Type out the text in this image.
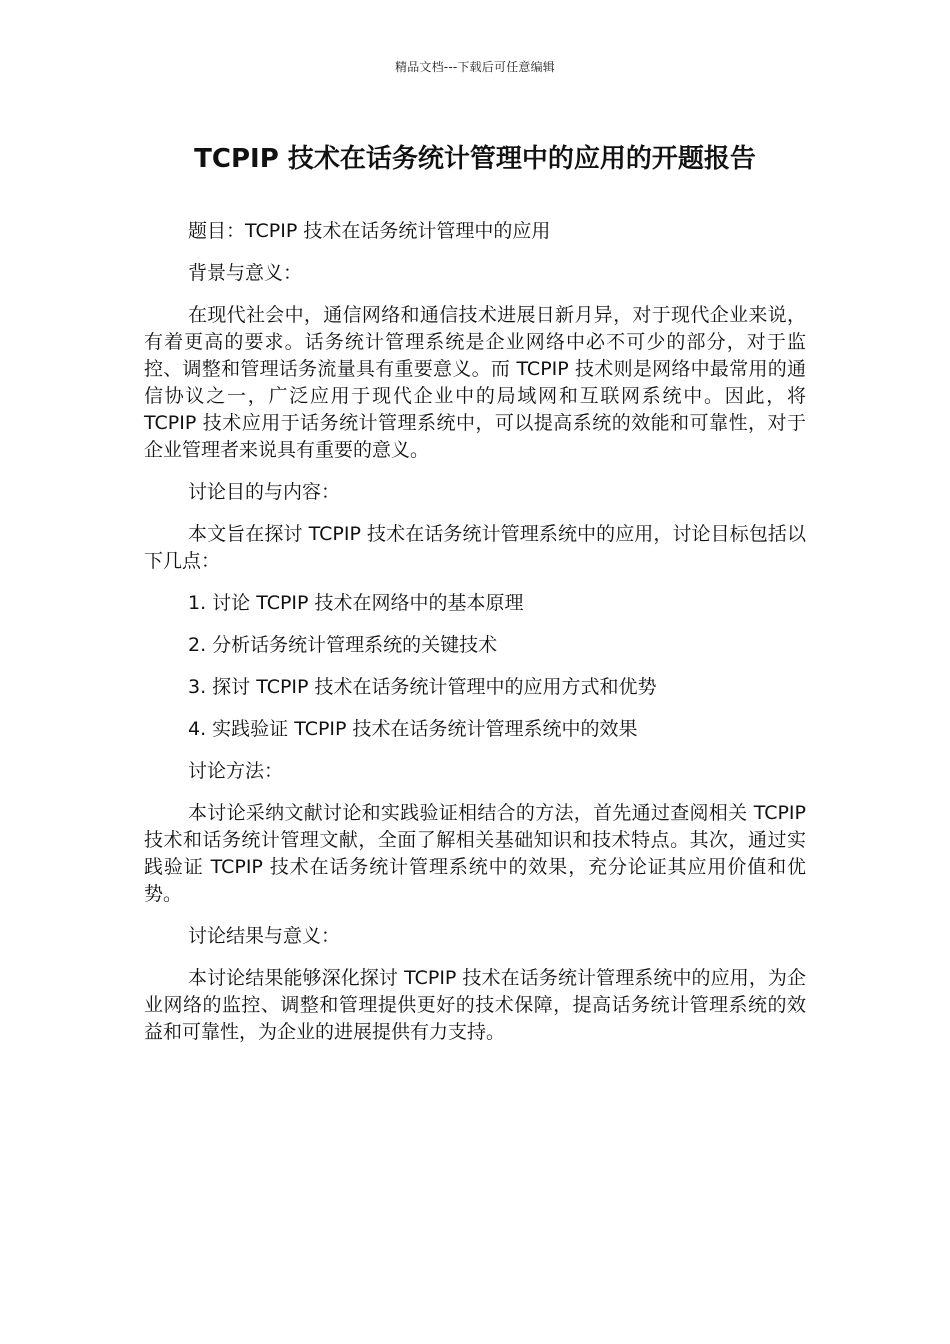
精品文档---下载后可任意编辑
TCPIP 技术在话务统计管理中的应用的开题报告

题目：TCPIP 技术在话务统计管理中的应用

背景与意义：

在现代社会中，通信网络和通信技术进展日新月异，对于现代企业来说，有着更高的要求。话务统计管理系统是企业网络中必不可少的部分，对于监控、调整和管理话务流量具有重要意义。而 TCPIP 技术则是网络中最常用的通信协议之一，广泛应用于现代企业中的局域网和互联网系统中。因此，将 TCPIP 技术应用于话务统计管理系统中，可以提高系统的效能和可靠性，对于企业管理者来说具有重要的意义。

讨论目的与内容：

本文旨在探讨 TCPIP 技术在话务统计管理系统中的应用，讨论目标包括以下几点：

1. 讨论 TCPIP 技术在网络中的基本原理
2. 分析话务统计管理系统的关键技术
3. 探讨 TCPIP 技术在话务统计管理中的应用方式和优势
4. 实践验证 TCPIP 技术在话务统计管理系统中的效果

讨论方法：

本讨论采纳文献讨论和实践验证相结合的方法，首先通过查阅相关 TCPIP 技术和话务统计管理文献，全面了解相关基础知识和技术特点。其次，通过实践验证 TCPIP 技术在话务统计管理系统中的效果，充分论证其应用价值和优势。

讨论结果与意义：

本讨论结果能够深化探讨 TCPIP 技术在话务统计管理系统中的应用，为企业网络的监控、调整和管理提供更好的技术保障，提高话务统计管理系统的效益和可靠性，为企业的进展提供有力支持。
